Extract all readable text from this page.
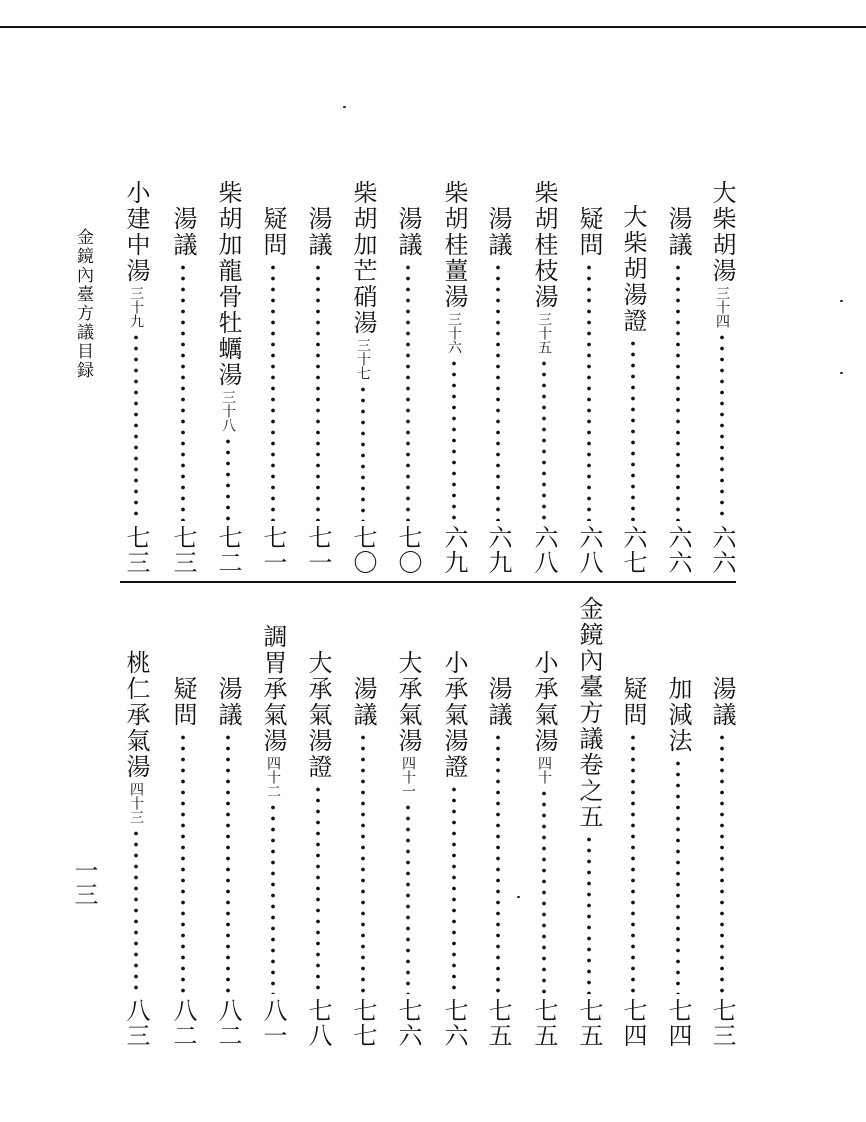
金鏡內臺方議目録
一三
大柴胡湯
三十四
六六
湯議
六六
大柴胡湯證
六七
疑問
六八
柴胡桂枝湯
三十五
六八
湯議
六九
柴胡桂薑湯
三十六
六九
湯議
七〇
柴胡加芒硝湯
三十七
七〇
湯議
七一
疑問
七一
柴胡加龍骨牡蠣湯
三十八
七二
湯議
七三
小建中湯
三十九
七三
湯議
七三
加減法
七四
疑問
七四
金鏡內臺方議卷之五
七五
小承氣湯
四十
七五
湯議
七五
小承氣湯證
七六
大承氣湯
四十一
七六
湯議
七七
大承氣湯證
七八
調胃承氣湯
四十二
八一
湯議
八二
疑問
八二
桃仁承氣湯
四十三
八三
